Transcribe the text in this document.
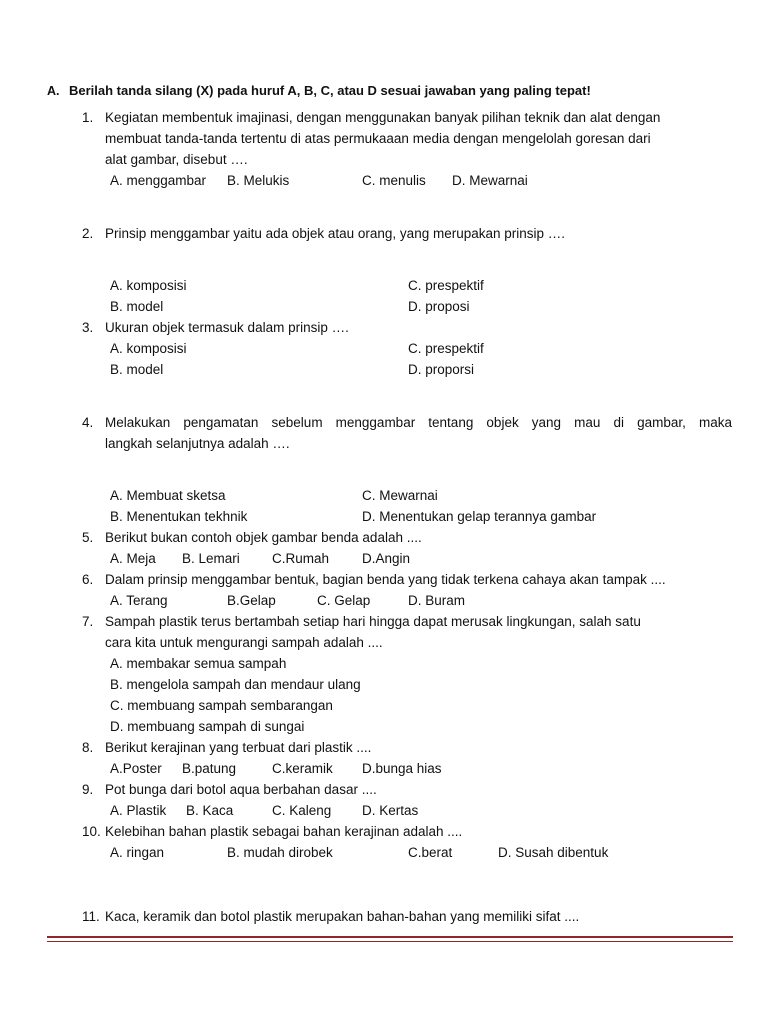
A. Berilah tanda silang (X) pada huruf A, B, C, atau D sesuai jawaban yang paling tepat!
1. Kegiatan membentuk imajinasi, dengan menggunakan banyak pilihan teknik dan alat dengan
membuat tanda-tanda tertentu di atas permukaaan media dengan mengelolah goresan dari
alat gambar, disebut ….
A. menggambar B. Melukis	C. menulis D. Mewarnai
2. Prinsip menggambar yaitu ada objek atau orang, yang merupakan prinsip ….
A. komposisi	C. prespektif
B. model	D. proposi
3. Ukuran objek termasuk dalam prinsip ….
A. komposisi	C. prespektif
B. model	D. proporsi
4. Melakukan pengamatan sebelum menggambar tentang objek yang mau di gambar, maka
langkah selanjutnya adalah ….
A. Membuat sketsa	C. Mewarnai
B. Menentukan tekhnik	D. Menentukan gelap terannya gambar
5. Berikut bukan contoh objek gambar benda adalah ....
A. Meja B. Lemari C.Rumah D.Angin
6. Dalam prinsip menggambar bentuk, bagian benda yang tidak terkena cahaya akan tampak ....
A. Terang	B.Gelap	C. Gelap	D. Buram
7. Sampah plastik terus bertambah setiap hari hingga dapat merusak lingkungan, salah satu
cara kita untuk mengurangi sampah adalah ....
A. membakar semua sampah
B. mengelola sampah dan mendaur ulang
C. membuang sampah sembarangan
D. membuang sampah di sungai
8. Berikut kerajinan yang terbuat dari plastik ....
A.Poster B.patung	C.keramik D.bunga hias
9. Pot bunga dari botol aqua berbahan dasar ....
A. Plastik B. Kaca	C. Kaleng D. Kertas
10. Kelebihan bahan plastik sebagai bahan kerajinan adalah ....
A. ringan	B. mudah dirobek	C.berat	D. Susah dibentuk
11. Kaca, keramik dan botol plastik merupakan bahan-bahan yang memiliki sifat ....
